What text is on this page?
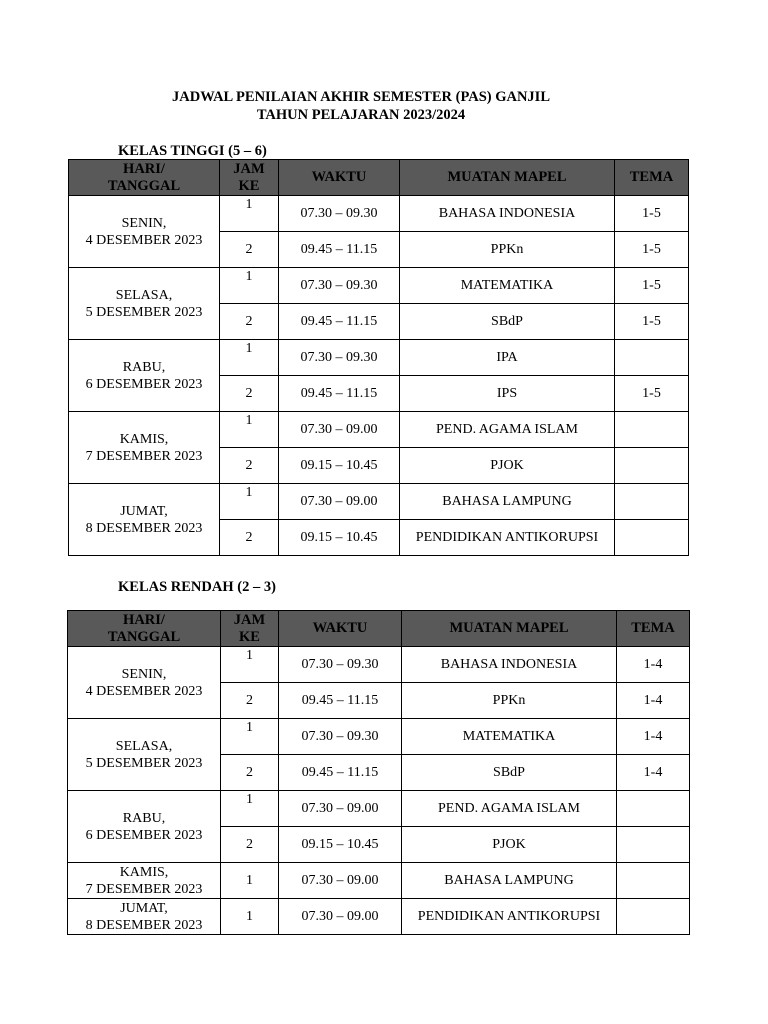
JADWAL PENILAIAN AKHIR SEMESTER (PAS) GANJIL
TAHUN PELAJARAN 2023/2024
KELAS TINGGI (5 – 6)
HARI/
TANGGAL	JAM
KE	WAKTU	MUATAN MAPEL	TEMA

SENIN,
4 DESEMBER 2023	1	07.30 – 09.30	BAHASA INDONESIA	1-5
	2	09.45 – 11.15	PPKn	1-5

SELASA,
5 DESEMBER 2023	1	07.30 – 09.30	MATEMATIKA	1-5
	2	09.45 – 11.15	SBdP	1-5

RABU,
6 DESEMBER 2023	1	07.30 – 09.30	IPA	
	2	09.45 – 11.15	IPS	1-5

KAMIS,
7 DESEMBER 2023	1	07.30 – 09.00	PEND. AGAMA ISLAM	
	2	09.15 – 10.45	PJOK	

JUMAT,
8 DESEMBER 2023	1	07.30 – 09.00	BAHASA LAMPUNG	
	2	09.15 – 10.45	PENDIDIKAN ANTIKORUPSI	
KELAS RENDAH (2 – 3)
HARI/
TANGGAL	JAM
KE	WAKTU	MUATAN MAPEL	TEMA

SENIN,
4 DESEMBER 2023	1	07.30 – 09.30	BAHASA INDONESIA	1-4
	2	09.45 – 11.15	PPKn	1-4

SELASA,
5 DESEMBER 2023	1	07.30 – 09.30	MATEMATIKA	1-4
	2	09.45 – 11.15	SBdP	1-4

RABU,
6 DESEMBER 2023	1	07.30 – 09.00	PEND. AGAMA ISLAM	
	2	09.15 – 10.45	PJOK	

KAMIS,
7 DESEMBER 2023	1	07.30 – 09.00	BAHASA LAMPUNG	

JUMAT,
8 DESEMBER 2023	1	07.30 – 09.00	PENDIDIKAN ANTIKORUPSI	
